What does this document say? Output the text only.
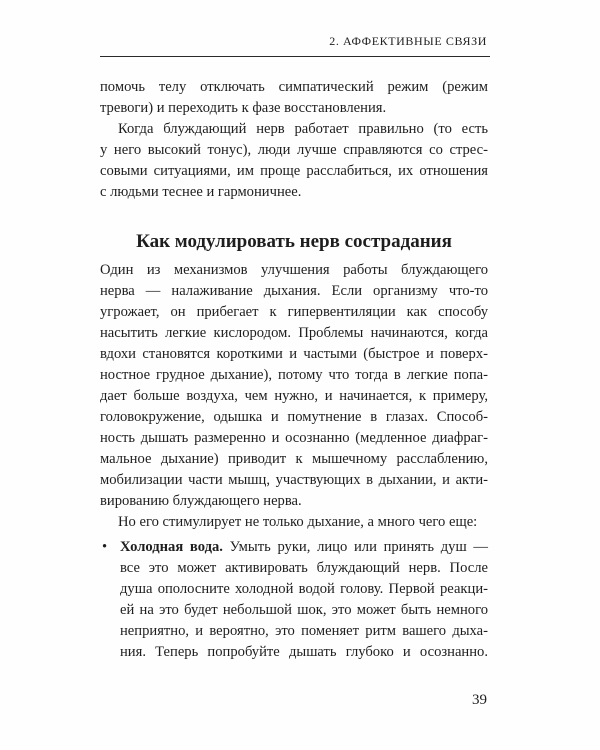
2. АФФЕКТИВНЫЕ СВЯЗИ

помочь телу отключать симпатический режим (режим
тревоги) и переходить к фазе восстановления.

Когда блуждающий нерв работает правильно (то есть
у него высокий тонус), люди лучше справляются со стрес-
совыми ситуациями, им проще расслабиться, их отношения
с людьми теснее и гармоничнее.

Как модулировать нерв сострадания

Один из механизмов улучшения работы блуждающего
нерва — налаживание дыхания. Если организму что-то
угрожает, он прибегает к гипервентиляции как способу
насытить легкие кислородом. Проблемы начинаются, когда
вдохи становятся короткими и частыми (быстрое и поверх-
ностное грудное дыхание), потому что тогда в легкие попа-
дает больше воздуха, чем нужно, и начинается, к примеру,
головокружение, одышка и помутнение в глазах. Способ-
ность дышать размеренно и осознанно (медленное диафраг-
мальное дыхание) приводит к мышечному расслаблению,
мобилизации части мышц, участвующих в дыхании, и акти-
вированию блуждающего нерва.

Но его стимулирует не только дыхание, а много чего еще:

• Холодная вода. Умыть руки, лицо или принять душ —
все это может активировать блуждающий нерв. После
душа ополосните холодной водой голову. Первой реакци-
ей на это будет небольшой шок, это может быть немного
неприятно, и вероятно, это поменяет ритм вашего дыха-
ния. Теперь попробуйте дышать глубоко и осознанно.
39
